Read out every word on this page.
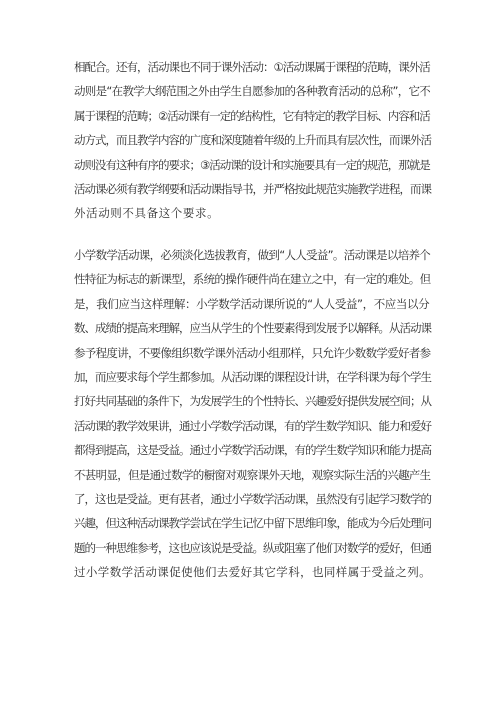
相配合。还有，活动课也不同于课外活动：①活动课属于课程的范畴，课外活
动则是“在教学大纲范围之外由学生自愿参加的各种教育活动的总称”，它不
属于课程的范畴；②活动课有一定的结构性，它有特定的教学目标、内容和活
动方式，而且教学内容的广度和深度随着年级的上升而具有层次性，而课外活
动则没有这种有序的要求；③活动课的设计和实施要具有一定的规范，那就是
活动课必须有教学纲要和活动课指导书，并严格按此规范实施教学进程，而课
外活动则不具备这个要求。
小学数学活动课，必须淡化选拔教育，做到“人人受益”。活动课是以培养个
性特征为标志的新课型，系统的操作硬件尚在建立之中，有一定的难处。但
是，我们应当这样理解：小学数学活动课所说的“人人受益”，不应当以分
数、成绩的提高来理解，应当从学生的个性要素得到发展予以解释。从活动课
参予程度讲，不要像组织数学课外活动小组那样，只允许少数数学爱好者参
加，而应要求每个学生都参加。从活动课的课程设计讲，在学科课为每个学生
打好共同基础的条件下，为发展学生的个性特长、兴趣爱好提供发展空间；从
活动课的教学效果讲，通过小学数学活动课，有的学生数学知识、能力和爱好
都得到提高，这是受益。通过小学数学活动课，有的学生数学知识和能力提高
不甚明显，但是通过数学的橱窗对观察课外天地，观察实际生活的兴趣产生
了，这也是受益。更有甚者，通过小学数学活动课，虽然没有引起学习数学的
兴趣，但这种活动课教学尝试在学生记忆中留下思维印象，能成为今后处理问
题的一种思维参考，这也应该说是受益。纵或阻塞了他们对数学的爱好，但通
过小学数学活动课促使他们去爱好其它学科，也同样属于受益之列。
